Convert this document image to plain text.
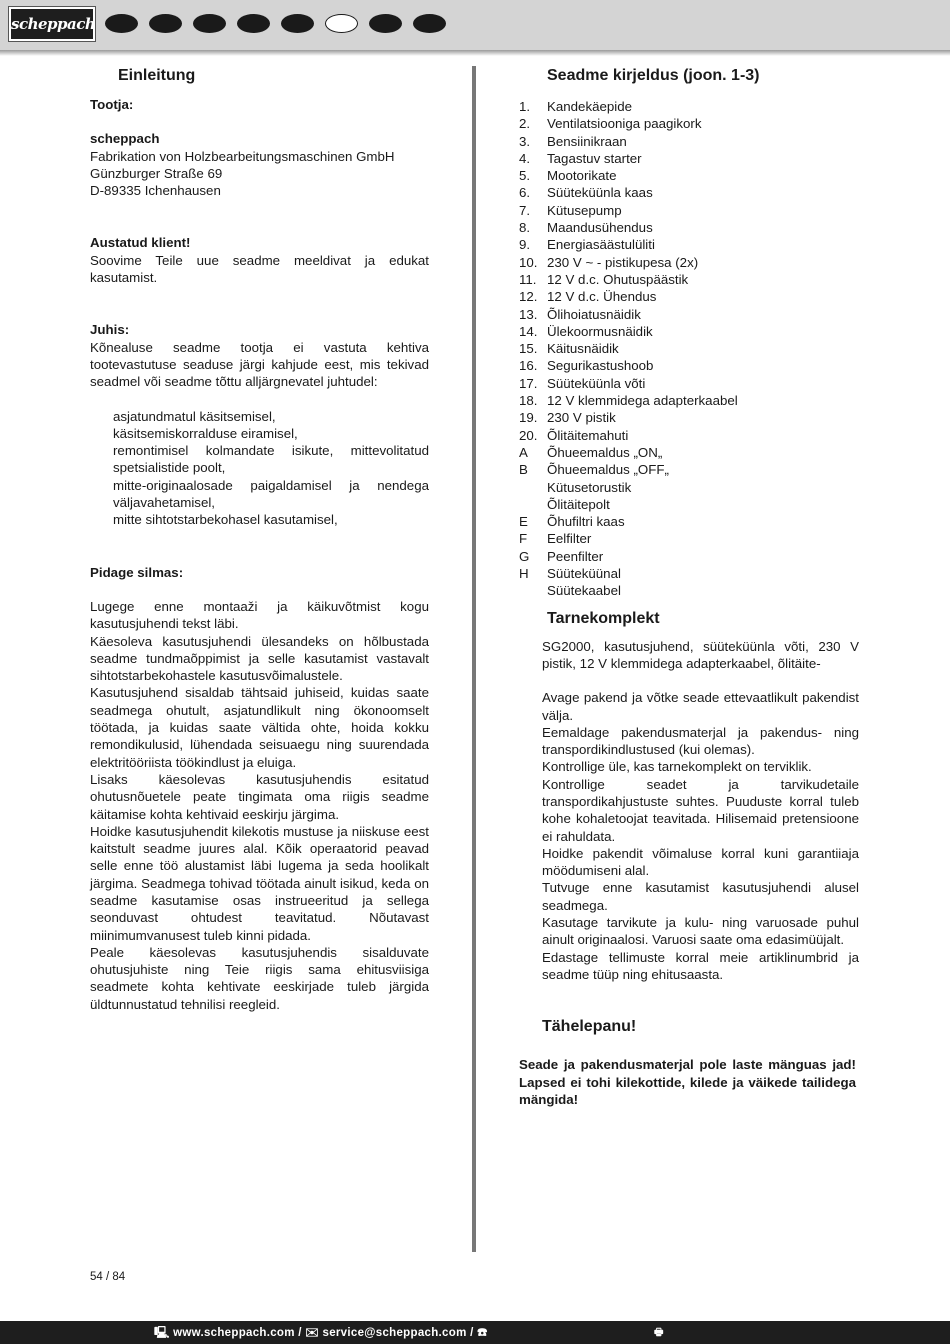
scheppach
Einleitung

Tootja:

scheppach

Fabrikation von Holzbearbeitungsmaschinen GmbH

Günzburger Straße 69

D-89335 Ichenhausen

Austatud klient!

Soovime Teile uue seadme meeldivat ja edukat kasutamist.

Juhis:

Kõnealuse seadme tootja ei vastuta kehtiva tootevastutuse seaduse järgi kahjude eest, mis tekivad seadmel või seadme tõttu alljärgnevatel juhtudel:

asjatundmatul käsitsemisel,

käsitsemiskorralduse eiramisel,

remontimisel kolmandate isikute, mittevolitatud spetsialistide poolt,

mitte-originaalosade paigaldamisel ja nendega väljavahetamisel,

mitte sihtotstarbekohasel kasutamisel,

Pidage silmas:

Lugege enne montaaži ja käikuvõtmist kogu kasutusjuhendi tekst läbi.

Käesoleva kasutusjuhendi ülesandeks on hõlbustada seadme tundmaõppimist ja selle kasutamist vastavalt sihtotstarbekohastele kasutusvõimalustele.

Kasutusjuhend sisaldab tähtsaid juhiseid, kuidas saate seadmega ohutult, asjatundlikult ning ökonoomselt töötada, ja kuidas saate vältida ohte, hoida kokku remondikulusid, lühendada seisuaegu ning suurendada elektritööriista töökindlust ja eluiga.

Lisaks käesolevas kasutusjuhendis esitatud ohutusnõuetele peate tingimata oma riigis seadme käitamise kohta kehtivaid eeskirju järgima.

Hoidke kasutusjuhendit kilekotis mustuse ja niiskuse eest kaitstult seadme juures alal. Kõik operaatorid peavad selle enne töö alustamist läbi lugema ja seda hoolikalt järgima. Seadmega tohivad töötada ainult isikud, keda on seadme kasutamise osas instrueeritud ja sellega seonduvast ohtudest teavitatud. Nõutavast miinimumvanusest tuleb kinni pidada.

Peale käesolevas kasutusjuhendis sisalduvate ohutusjuhiste ning Teie riigis sama ehitusviisiga seadmete kohta kehtivate eeskirjade tuleb järgida üldtunnustatud tehnilisi reegleid.

Seadme kirjeldus (joon. 1-3)
1.	Kandekäepide
2.	Ventilatsiooniga paagikork
3.	Bensiinikraan
4.	Tagastuv starter
5.	Mootorikate
6.	Süüteküünla kaas
7.	Kütusepump
8.	Maandusühendus
9.	Energiasäästulüliti
10. 230 V ~ - pistikupesa (2x)
11. 12 V d.c. Ohutuspäästik
12. 12 V d.c. Ühendus
13. Õlihoiatusnäidik
14. Ülekoormusnäidik
15. Käitusnäidik
16. Segurikastushoob
17. Süüteküünla võti
18. 12 V klemmidega adapterkaabel
19. 230 V pistik
20. Õlitäitemahuti
A	Õhueemaldus „ON„
B	Õhueemaldus „OFF„
Kütusetorustik
Õlitäitepolt
E	Õhufiltri kaas
F	Eelfilter
G	Peenfilter
H	Süüteküünal
Süütekaabel
Tarnekomplekt

SG2000, kasutusjuhend, süüteküünla võti, 230 V pistik, 12 V klemmidega adapterkaabel, õlitäite-

Avage pakend ja võtke seade ettevaatlikult pakendist välja.

Eemaldage pakendusmaterjal ja pakendus- ning transpordikindlustused (kui olemas).

Kontrollige üle, kas tarnekomplekt on terviklik.

Kontrollige seadet ja tarvikudetaile transpordikahjustuste suhtes. Puuduste korral tuleb kohe kohaletoojat teavitada. Hilisemaid pretensioone ei rahuldata.

Hoidke pakendit võimaluse korral kuni garantiiaja möödumiseni alal.

Tutvuge enne kasutamist kasutusjuhendi alusel seadmega.

Kasutage tarvikute ja kulu- ning varuosade puhul ainult originaalosi. Varuosi saate oma edasimüüjalt.

Edastage tellimuste korral meie artiklinumbrid ja seadme tüüp ning ehitusaasta.

Tähelepanu!

Seade ja pakendusmaterjal pole laste mänguas jad! Lapsed ei tohi kilekottide, kilede ja väikede tailidega mängida!

54 / 84
🖳︎ www.scheppach.com / ✉ service@scheppach.com / ☎	🖶︎
